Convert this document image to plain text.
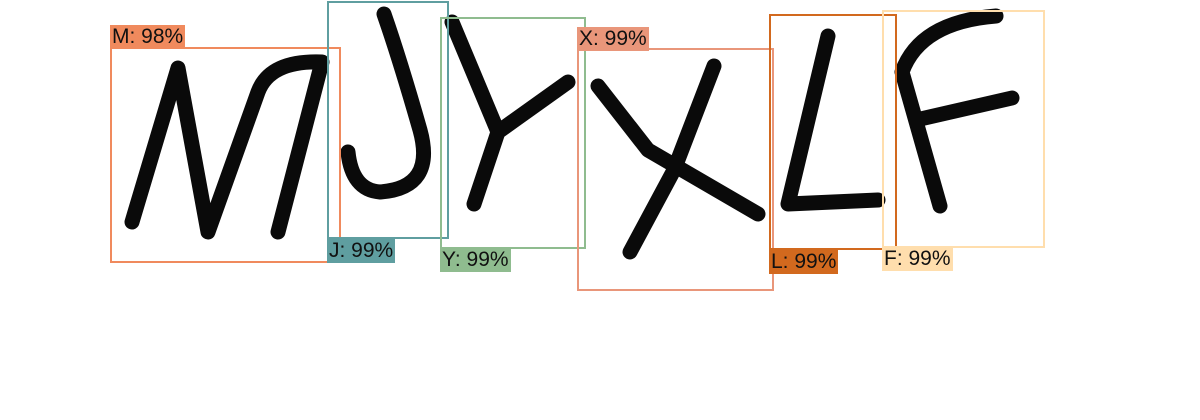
M: 98%
J: 99% Y: 99%
X: 99%
L: 99% F: 99%
